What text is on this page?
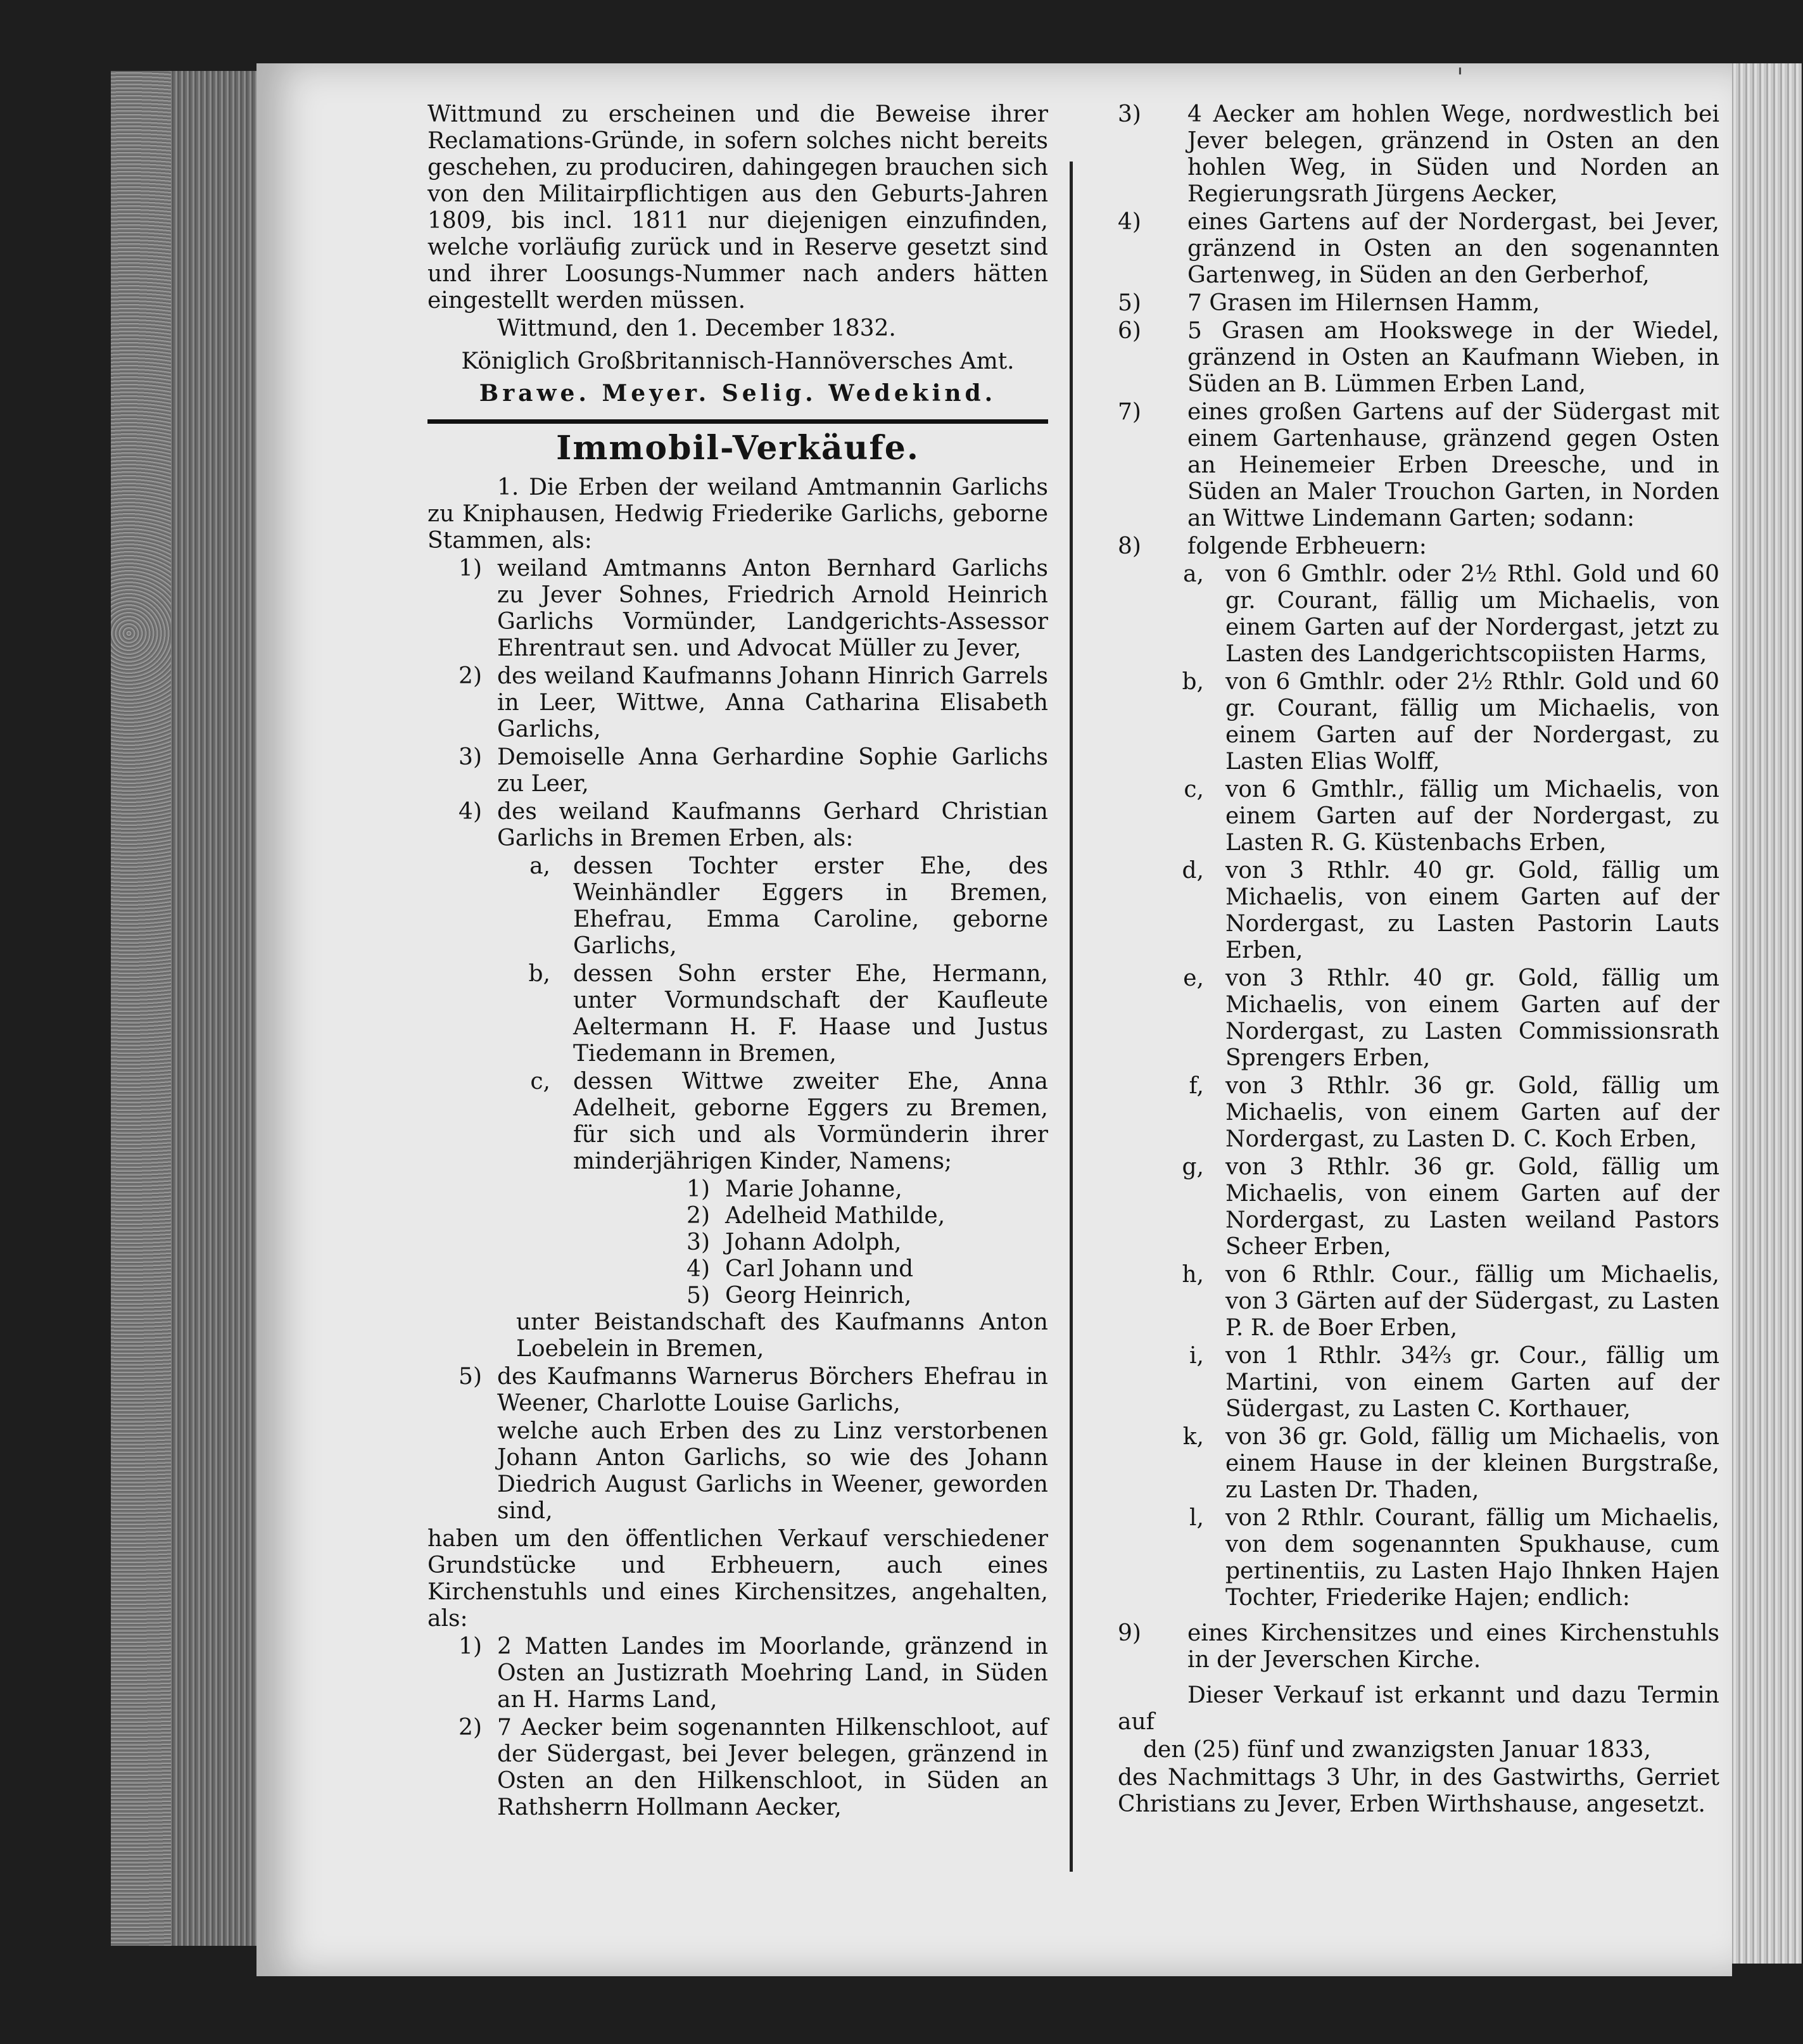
'

Wittmund zu erscheinen und die Beweise ihrer Reclamations-Gründe, in sofern solches nicht bereits geschehen, zu produciren, dahingegen brauchen sich von den Militairpflichtigen aus den Geburts-Jahren 1809, bis incl. 1811 nur diejenigen einzufinden, welche vorläufig zurück und in Reserve gesetzt sind und ihrer Loosungs-Nummer nach anders hätten eingestellt werden müssen.

Wittmund, den 1. December 1832.

Königlich Großbritannisch-Hannöversches Amt.

Brawe. Meyer. Selig. Wedekind.

Immobil-Verkäufe.

1. Die Erben der weiland Amtmannin Garlichs zu Kniphausen, Hedwig Friederike Garlichs, geborne Stammen, als:

1) weiland Amtmanns Anton Bernhard Garlichs zu Jever Sohnes, Friedrich Arnold Heinrich Garlichs Vormünder, Landgerichts-Assessor Ehrentraut sen. und Advocat Müller zu Jever,
2) des weiland Kaufmanns Johann Hinrich Garrels in Leer, Wittwe, Anna Catharina Elisabeth Garlichs,
3) Demoiselle Anna Gerhardine Sophie Garlichs zu Leer,
4) des weiland Kaufmanns Gerhard Christian Garlichs in Bremen Erben, als:
a,	dessen Tochter erster Ehe, des Weinhändler Eggers in Bremen, Ehefrau, Emma Caroline, geborne Garlichs,
b,	dessen Sohn erster Ehe, Hermann, unter Vormundschaft der Kaufleute Aeltermann H. F. Haase und Justus Tiedemann in Bremen,
c,	dessen Wittwe zweiter Ehe, Anna Adelheit, geborne Eggers zu Bremen, für sich und als Vormünderin ihrer minderjährigen Kinder, Namens;
1) Marie Johanne,
2) Adelheid Mathilde,
3) Johann Adolph,
4) Carl Johann und
5) Georg Heinrich,

unter Beistandschaft des Kaufmanns Anton Loebelein in Bremen,

5) des Kaufmanns Warnerus Börchers Ehefrau in Weener, Charlotte Louise Garlichs,

welche auch Erben des zu Linz verstorbenen Johann Anton Garlichs, so wie des Johann Diedrich August Garlichs in Weener, geworden sind,

haben um den öffentlichen Verkauf verschiedener Grundstücke und Erbheuern, auch eines Kirchenstuhls und eines Kirchensitzes, angehalten, als:

1) 2 Matten Landes im Moorlande, gränzend in Osten an Justizrath Moehring Land, in Süden an H. Harms Land,
2) 7 Aecker beim sogenannten Hilkenschloot, auf der Südergast, bei Jever belegen, gränzend in Osten an den Hilkenschloot, in Süden an Rathsherrn Hollmann Aecker,
3)	4 Aecker am hohlen Wege, nordwestlich bei Jever belegen, gränzend in Osten an den hohlen Weg, in Süden und Norden an Regierungsrath Jürgens Aecker,
4)	eines Gartens auf der Nordergast, bei Jever, gränzend in Osten an den sogenannten Gartenweg, in Süden an den Gerberhof,
5)	7 Grasen im Hilernsen Hamm,
6)	5 Grasen am Hookswege in der Wiedel, gränzend in Osten an Kaufmann Wieben, in Süden an B. Lümmen Erben Land,
7)	eines großen Gartens auf der Südergast mit einem Gartenhause, gränzend gegen Osten an Heinemeier Erben Dreesche, und in Süden an Maler Trouchon Garten, in Norden an Wittwe Lindemann Garten; sodann:
8)	folgende Erbheuern:
a, von 6 Gmthlr. oder 2½ Rthl. Gold und 60 gr. Courant, fällig um Michaelis, von einem Garten auf der Nordergast, jetzt zu Lasten des Landgerichtscopiisten Harms,
b, von 6 Gmthlr. oder 2½ Rthlr. Gold und 60 gr. Courant, fällig um Michaelis, von einem Garten auf der Nordergast, zu Lasten Elias Wolff,
c, von 6 Gmthlr., fällig um Michaelis, von einem Garten auf der Nordergast, zu Lasten R. G. Küstenbachs Erben,
d, von 3 Rthlr. 40 gr. Gold, fällig um Michaelis, von einem Garten auf der Nordergast, zu Lasten Pastorin Lauts Erben,
e, von 3 Rthlr. 40 gr. Gold, fällig um Michaelis, von einem Garten auf der Nordergast, zu Lasten Commissionsrath Sprengers Erben,
f, von 3 Rthlr. 36 gr. Gold, fällig um Michaelis, von einem Garten auf der Nordergast, zu Lasten D. C. Koch Erben,
g, von 3 Rthlr. 36 gr. Gold, fällig um Michaelis, von einem Garten auf der Nordergast, zu Lasten weiland Pastors Scheer Erben,
h, von 6 Rthlr. Cour., fällig um Michaelis, von 3 Gärten auf der Südergast, zu Lasten P. R. de Boer Erben,
i, von 1 Rthlr. 34⅔ gr. Cour., fällig um Martini, von einem Garten auf der Südergast, zu Lasten C. Korthauer,
k, von 36 gr. Gold, fällig um Michaelis, von einem Hause in der kleinen Burgstraße, zu Lasten Dr. Thaden,
l, von 2 Rthlr. Courant, fällig um Michaelis, von dem sogenannten Spukhause, cum pertinentiis, zu Lasten Hajo Ihnken Hajen Tochter, Friederike Hajen; endlich:
9)	eines Kirchensitzes und eines Kirchenstuhls in der Jeverschen Kirche.

Dieser Verkauf ist erkannt und dazu Termin auf

den (25) fünf und zwanzigsten Januar 1833,

des Nachmittags 3 Uhr, in des Gastwirths, Gerriet Christians zu Jever, Erben Wirthshause, angesetzt.
